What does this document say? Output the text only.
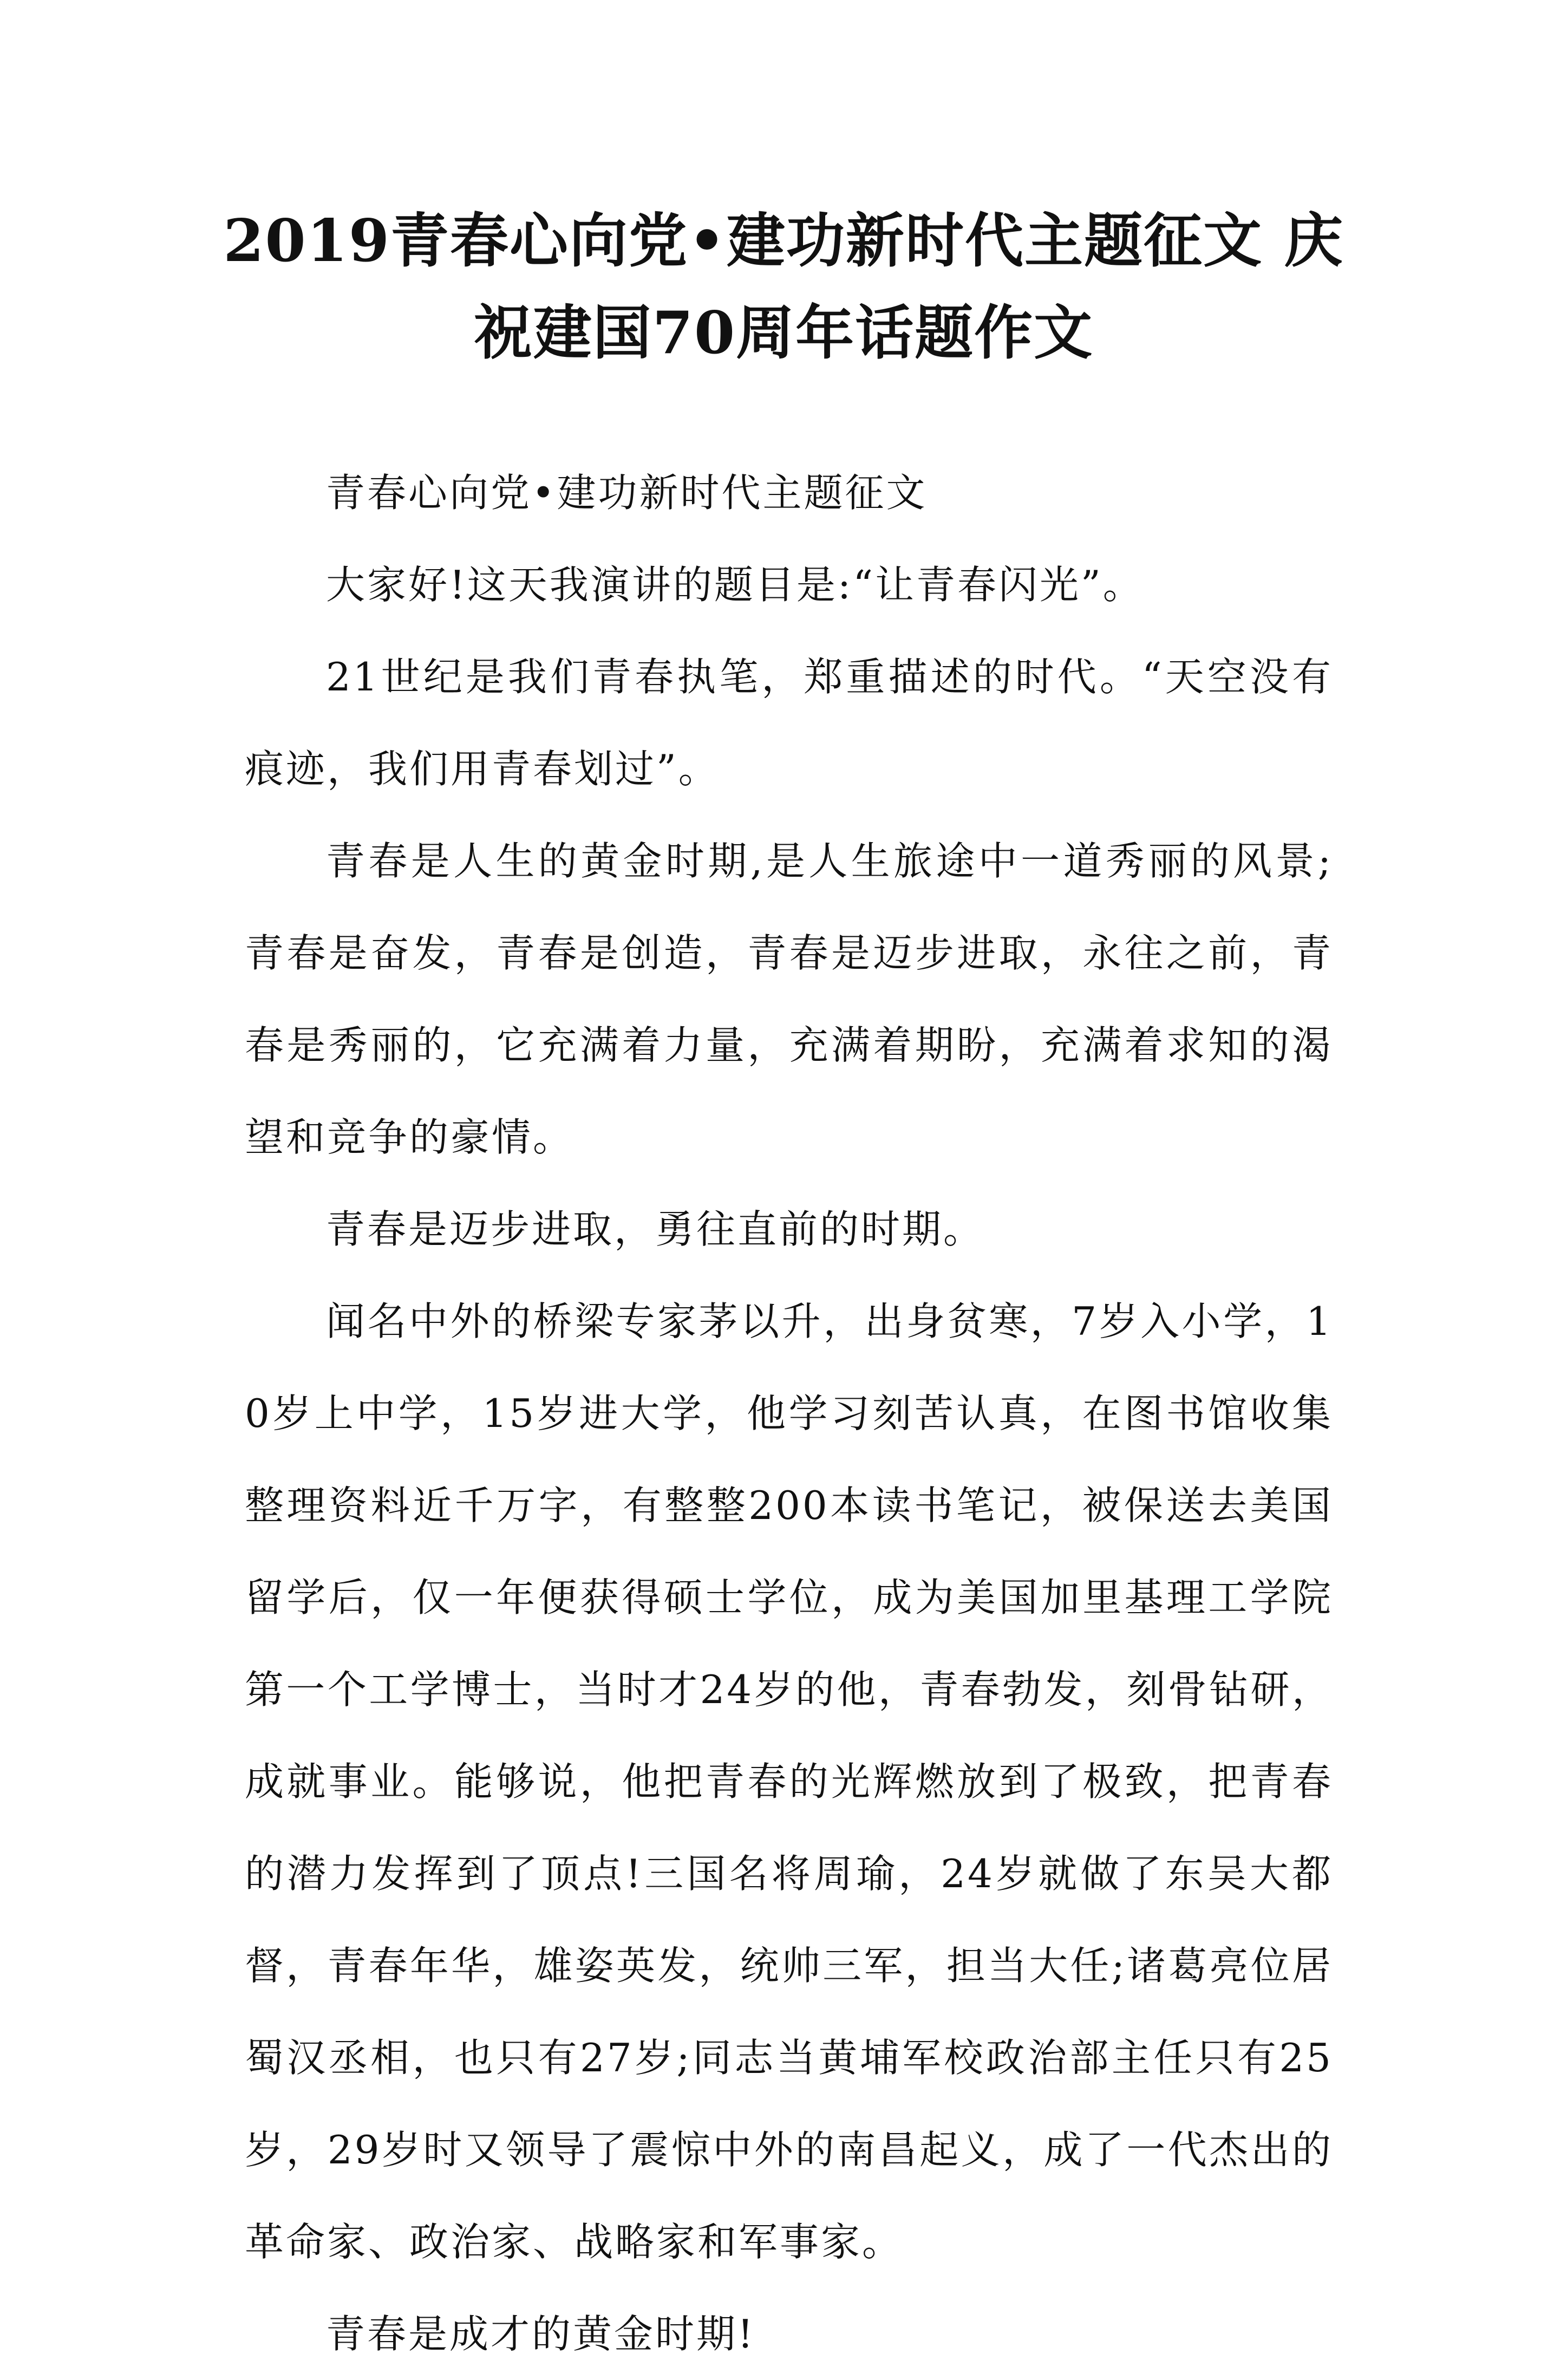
2019青春心向党•建功新时代主题征文 庆
祝建国70周年话题作文

青春心向党•建功新时代主题征文

大家好!这天我演讲的题目是:“让青春闪光”。

21世纪是我们青春执笔，郑重描述的时代。“天空没有痕迹，我们用青春划过”。

青春是人生的黄金时期,是人生旅途中一道秀丽的风景;青春是奋发，青春是创造，青春是迈步进取，永往之前，青春是秀丽的，它充满着力量，充满着期盼，充满着求知的渴望和竞争的豪情。

青春是迈步进取，勇往直前的时期。

闻名中外的桥梁专家茅以升，出身贫寒，7岁入小学，10岁上中学，15岁进大学，他学习刻苦认真，在图书馆收集整理资料近千万字，有整整200本读书笔记，被保送去美国留学后，仅一年便获得硕士学位，成为美国加里基理工学院第一个工学博士，当时才24岁的他，青春勃发，刻骨钻研，成就事业。能够说，他把青春的光辉燃放到了极致，把青春的潜力发挥到了顶点!三国名将周瑜，24岁就做了东吴大都督，青春年华，雄姿英发，统帅三军，担当大任;诸葛亮位居蜀汉丞相，也只有27岁;同志当黄埔军校政治部主任只有25岁，29岁时又领导了震惊中外的南昌起义，成了一代杰出的革命家、政治家、战略家和军事家。

青春是成才的黄金时期!
